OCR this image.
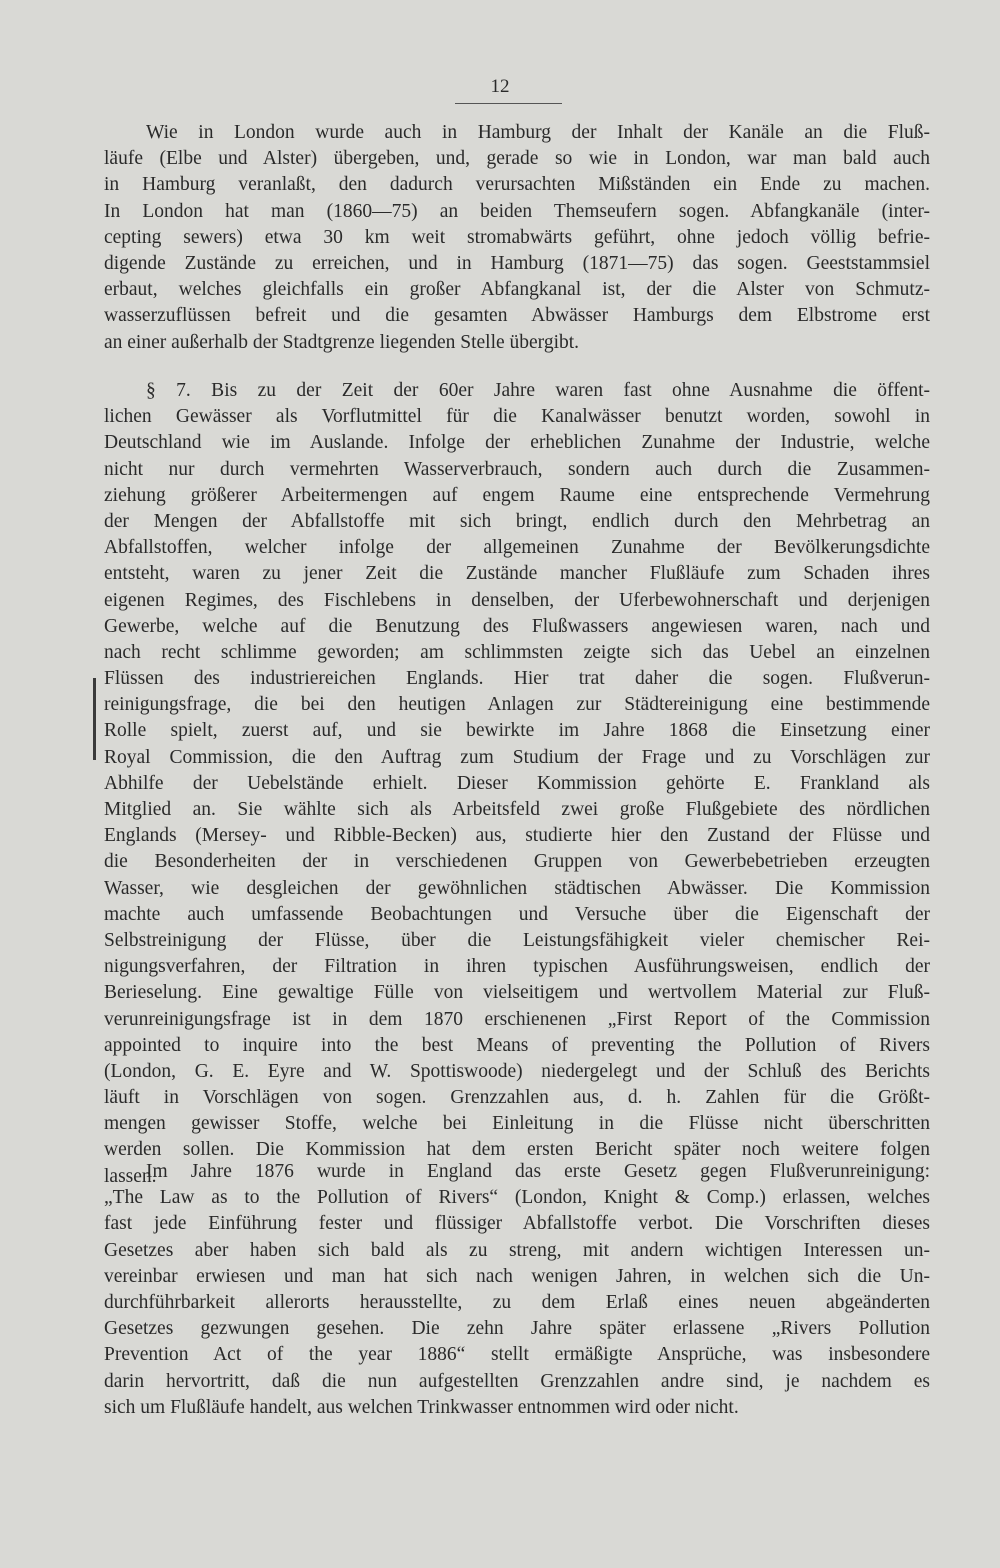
12
Wie in London wurde auch in Hamburg der Inhalt der Kanäle an die Fluß-
läufe (Elbe und Alster) übergeben, und, gerade so wie in London, war man bald auch
in Hamburg veranlaßt, den dadurch verursachten Mißständen ein Ende zu machen.
In London hat man (1860—75) an beiden Themseufern sogen. Abfangkanäle (inter-
cepting sewers) etwa 30 km weit stromabwärts geführt, ohne jedoch völlig befrie-
digende Zustände zu erreichen, und in Hamburg (1871—75) das sogen. Geeststammsiel
erbaut, welches gleichfalls ein großer Abfangkanal ist, der die Alster von Schmutz-
wasserzuflüssen befreit und die gesamten Abwässer Hamburgs dem Elbstrome erst
an einer außerhalb der Stadtgrenze liegenden Stelle übergibt.
§ 7. Bis zu der Zeit der 60er Jahre waren fast ohne Ausnahme die öffent-
lichen Gewässer als Vorflutmittel für die Kanalwässer benutzt worden, sowohl in
Deutschland wie im Auslande. Infolge der erheblichen Zunahme der Industrie, welche
nicht nur durch vermehrten Wasserverbrauch, sondern auch durch die Zusammen-
ziehung größerer Arbeitermengen auf engem Raume eine entsprechende Vermehrung
der Mengen der Abfallstoffe mit sich bringt, endlich durch den Mehrbetrag an
Abfallstoffen, welcher infolge der allgemeinen Zunahme der Bevölkerungsdichte
entsteht, waren zu jener Zeit die Zustände mancher Flußläufe zum Schaden ihres
eigenen Regimes, des Fischlebens in denselben, der Uferbewohnerschaft und derjenigen
Gewerbe, welche auf die Benutzung des Flußwassers angewiesen waren, nach und
nach recht schlimme geworden; am schlimmsten zeigte sich das Uebel an einzelnen
Flüssen des industriereichen Englands. Hier trat daher die sogen. Flußverun-
reinigungsfrage, die bei den heutigen Anlagen zur Städtereinigung eine bestimmende
Rolle spielt, zuerst auf, und sie bewirkte im Jahre 1868 die Einsetzung einer
Royal Commission, die den Auftrag zum Studium der Frage und zu Vorschlägen zur
Abhilfe der Uebelstände erhielt. Dieser Kommission gehörte E. Frankland als
Mitglied an. Sie wählte sich als Arbeitsfeld zwei große Flußgebiete des nördlichen
Englands (Mersey- und Ribble-Becken) aus, studierte hier den Zustand der Flüsse und
die Besonderheiten der in verschiedenen Gruppen von Gewerbebetrieben erzeugten
Wasser, wie desgleichen der gewöhnlichen städtischen Abwässer. Die Kommission
machte auch umfassende Beobachtungen und Versuche über die Eigenschaft der
Selbstreinigung der Flüsse, über die Leistungsfähigkeit vieler chemischer Rei-
nigungsverfahren, der Filtration in ihren typischen Ausführungsweisen, endlich der
Berieselung. Eine gewaltige Fülle von vielseitigem und wertvollem Material zur Fluß-
verunreinigungsfrage ist in dem 1870 erschienenen „First Report of the Commission
appointed to inquire into the best Means of preventing the Pollution of Rivers
(London, G. E. Eyre and W. Spottiswoode) niedergelegt und der Schluß des Berichts
läuft in Vorschlägen von sogen. Grenzzahlen aus, d. h. Zahlen für die Größt-
mengen gewisser Stoffe, welche bei Einleitung in die Flüsse nicht überschritten
werden sollen. Die Kommission hat dem ersten Bericht später noch weitere folgen
lassen.
Im Jahre 1876 wurde in England das erste Gesetz gegen Flußverunreinigung:
„The Law as to the Pollution of Rivers“ (London, Knight & Comp.) erlassen, welches
fast jede Einführung fester und flüssiger Abfallstoffe verbot. Die Vorschriften dieses
Gesetzes aber haben sich bald als zu streng, mit andern wichtigen Interessen un-
vereinbar erwiesen und man hat sich nach wenigen Jahren, in welchen sich die Un-
durchführbarkeit allerorts herausstellte, zu dem Erlaß eines neuen abgeänderten
Gesetzes gezwungen gesehen. Die zehn Jahre später erlassene „Rivers Pollution
Prevention Act of the year 1886“ stellt ermäßigte Ansprüche, was insbesondere
darin hervortritt, daß die nun aufgestellten Grenzzahlen andre sind, je nachdem es
sich um Flußläufe handelt, aus welchen Trinkwasser entnommen wird oder nicht.
